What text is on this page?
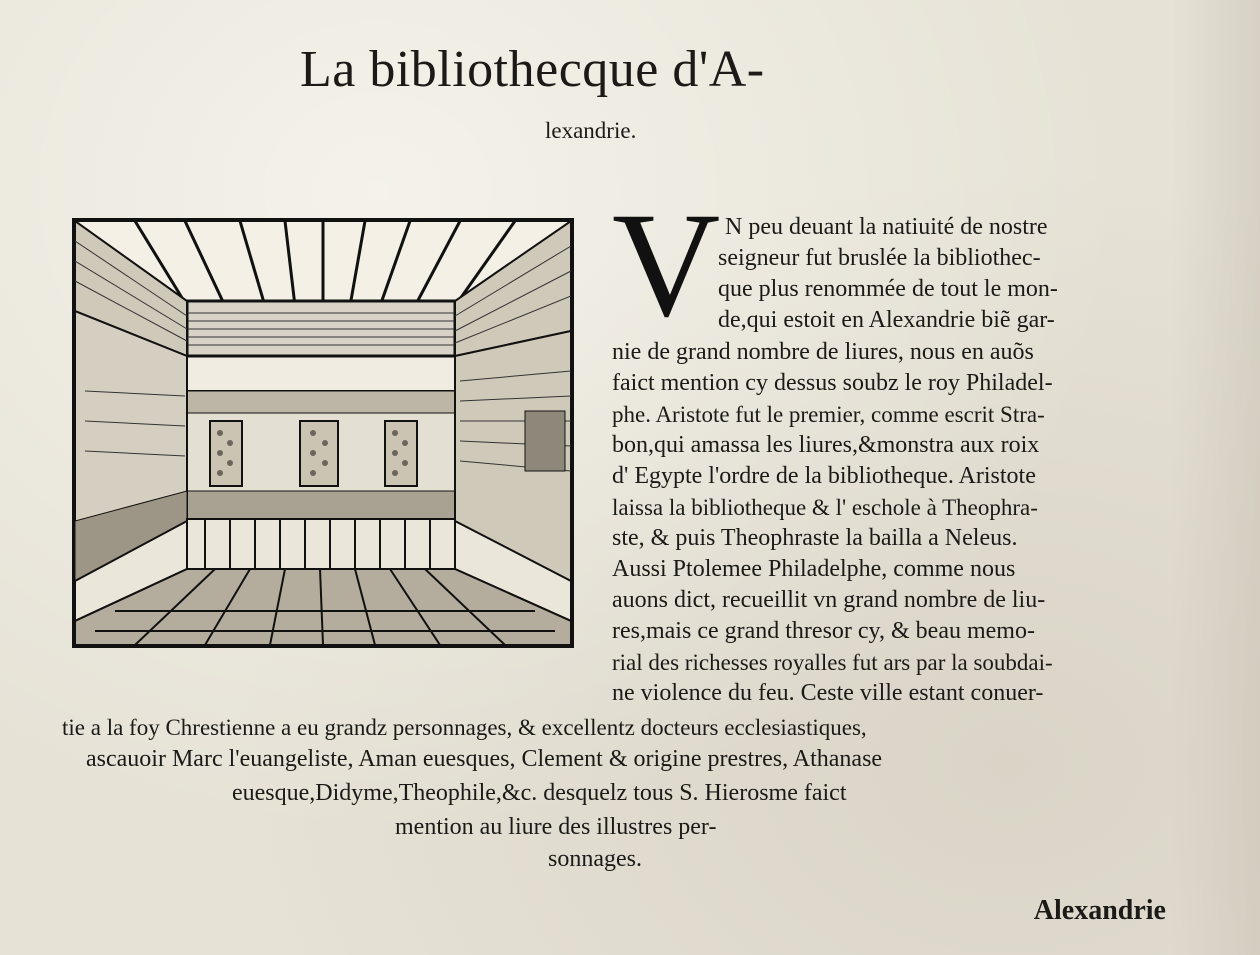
La bibliothecque d'A-
lexandrie.
V N peu deuant la natiuité de nostre
seigneur fut bruslée la bibliothec-
que plus renommée de tout le mon-
de,qui estoit en Alexandrie biẽ gar-
nie de grand nombre de liures, nous en auõs
faict mention cy dessus soubz le roy Philadel-
phe. Aristote fut le premier, comme escrit Stra-
bon,qui amassa les liures,&monstra aux roix
d' Egypte l'ordre de la bibliotheque. Aristote
laissa la bibliotheque & l' eschole à Theophra-
ste, & puis Theophraste la bailla a Neleus.
Aussi Ptolemee Philadelphe, comme nous
auons dict, recueillit vn grand nombre de liu-
res,mais ce grand thresor cy, & beau memo-
rial des richesses royalles fut ars par la soubdai-
ne violence du feu. Ceste ville estant conuer-
tie a la foy Chrestienne a eu grandz personnages, & excellentz docteurs ecclesiastiques,
ascauoir Marc l'euangeliste, Aman euesques, Clement & origine prestres, Athanase
euesque,Didyme,Theophile,&c. desquelz tous S. Hierosme faict
mention au liure des illustres per-
sonnages.
Alexandrie
